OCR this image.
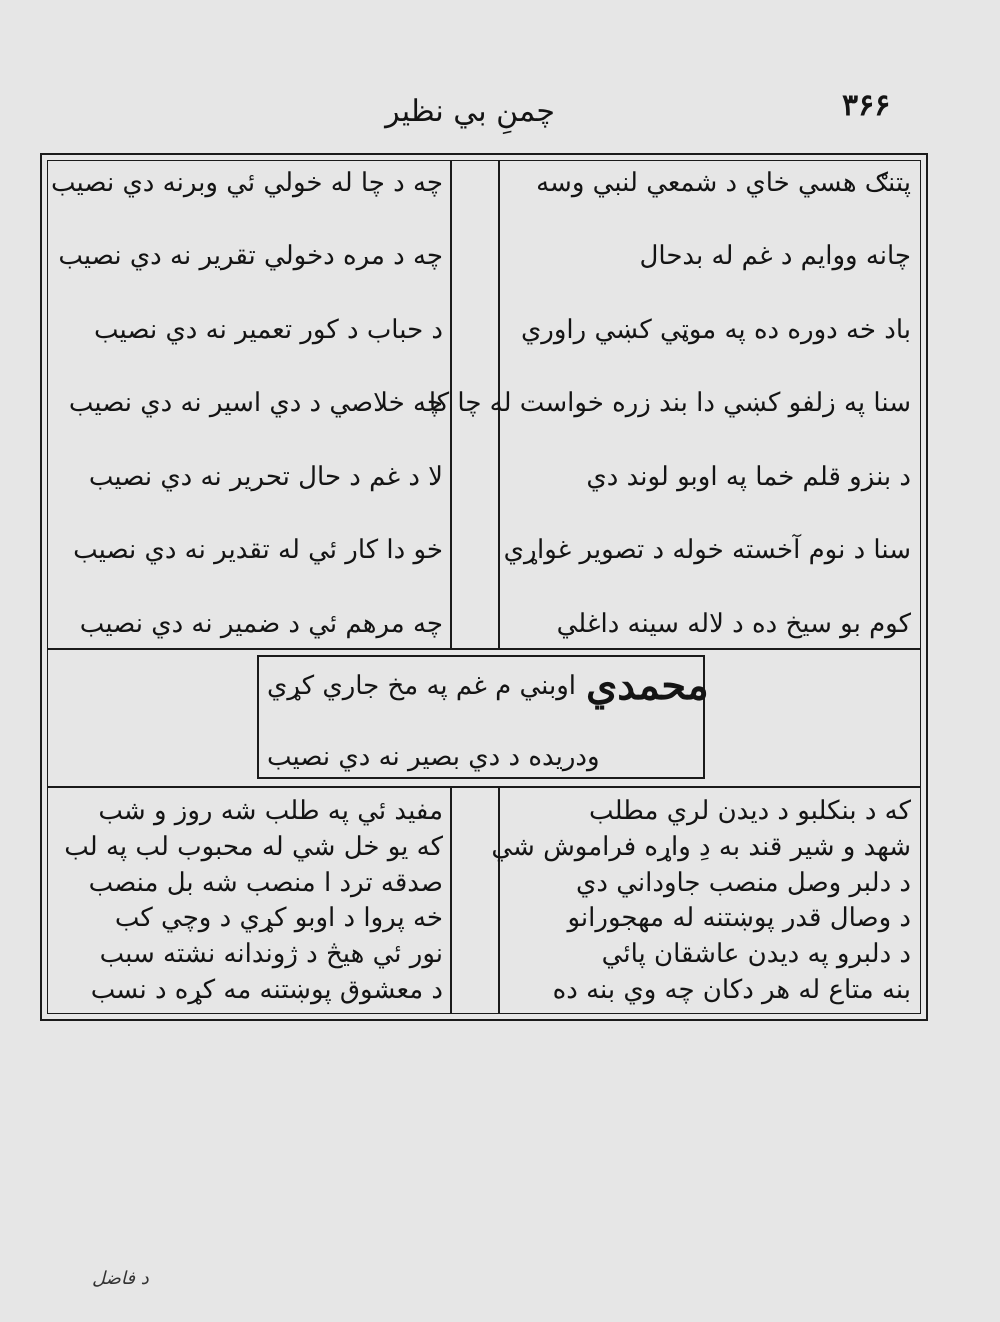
۳۶۶
چمنِ بي نظير
پتنګ هسي خاي د شمعي لنبي وسه
چانه ووايم د غم له بدحال
باد خه دوره ده په موټي كښي راوري
سنا په زلفو كښي دا بند زره خواست له چا كا
د بنزو قلم خما په اوبو لوند دي
سنا د نوم آخسته خوله د تصوير غواړي
كوم بو سيخ ده د لاله سينه داغلي
چه د چا له خولي ئي وبرنه دي نصيب
چه د مره دخولي تقرير نه دي نصيب
د حباب د كور تعمير نه دي نصيب
چه خلاصي د دي اسير نه دي نصيب
لا د غم د حال تحرير نه دي نصيب
خو دا كار ئي له تقدير نه دي نصيب
چه مرهم ئي د ضمير نه دي نصيب
محمدي
اوبني م غم په مخ جاري كړي
ودريده د دي بصير نه دي نصيب
كه د بنكلبو د ديدن لري مطلب
شهد و شير قند به دِ واړه فراموش شي
د دلبر وصل منصب جاوداني دي
د وصال قدر پوښتنه له مهجورانو
د دلبرو په ديدن عاشقان پائي
بنه متاع له هر دكان چه وي بنه ده
مفيد ئي په طلب شه روز و شب
كه يو خل شي له محبوب لب په لب
صدقه ترد ا منصب شه بل منصب
خه پروا د اوبو كړي د وچي كب
نور ئي هيڅ د ژوندانه نشته سبب
د معشوق پوښتنه مه كړه د نسب
د فاضل
